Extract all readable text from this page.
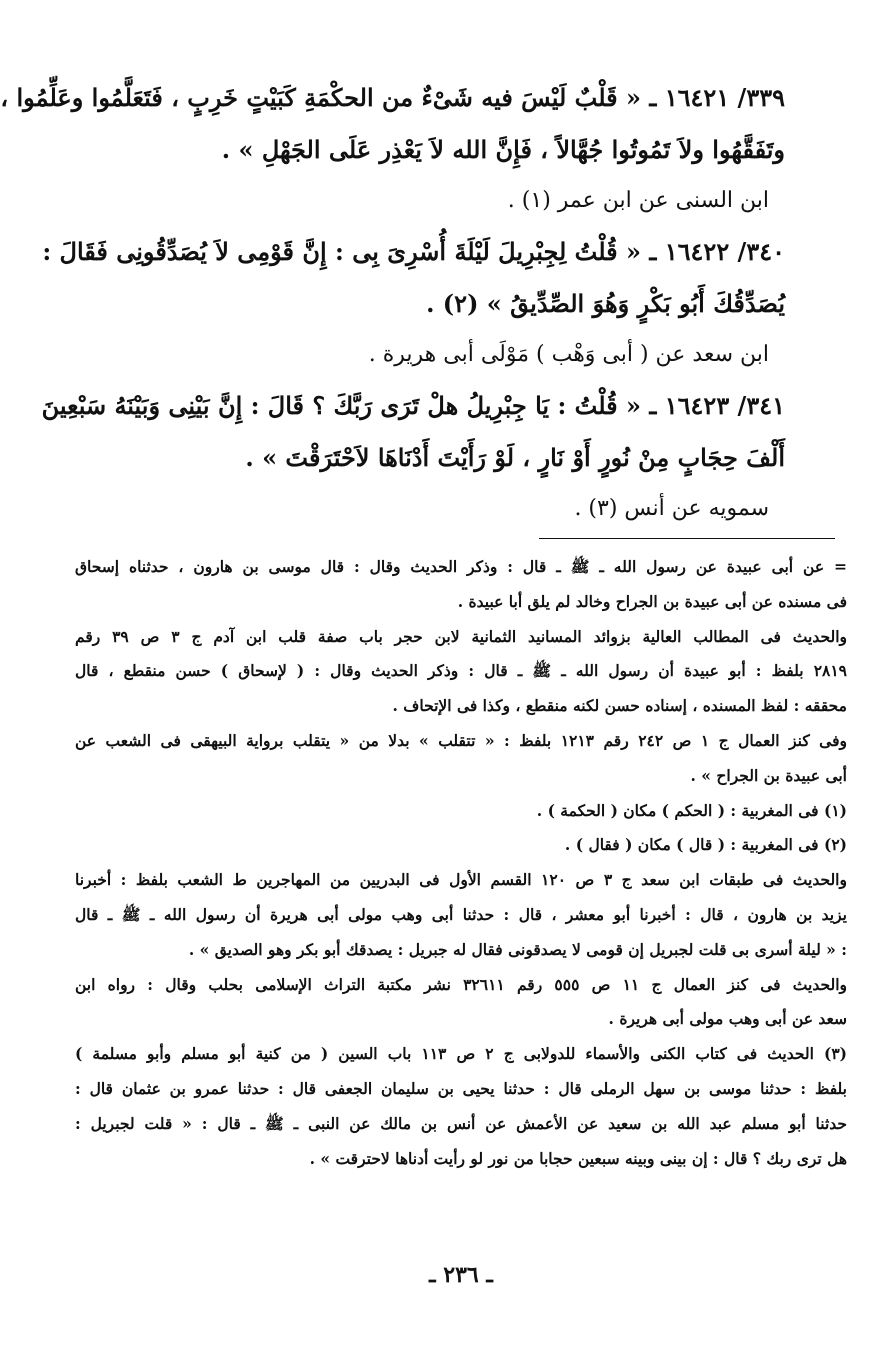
٣٣٩/ ١٦٤٢١ ـ « قَلْبٌ لَيْسَ فيه شَىْءٌ من الحكْمَةِ كَبَيْتٍ خَرِبٍ ، فَتَعَلَّمُوا وعَلِّمُوا ،
وتَفَقَّهُوا ولاَ تَمُوتُوا جُهَّالاً ، فَإِنَّ الله لاَ يَعْذِر عَلَى الجَهْلِ » .
ابن السنى عن ابن عمر (١) .
٣٤٠/ ١٦٤٢٢ ـ « قُلْتُ لِجِبْرِيلَ لَيْلَةَ أُسْرِىَ بِى : إِنَّ قَوْمِى لاَ يُصَدِّقُونِى فَقَالَ :
يُصَدِّقُكَ أَبُو بَكْرٍ وَهُوَ الصِّدِّيقُ » (٢) .
ابن سعد عن ( أبى وَهْب ) مَوْلَى أبى هريرة .
٣٤١/ ١٦٤٢٣ ـ « قُلْتُ : يَا جِبْرِيلُ هلْ تَرَى رَبَّكَ ؟ قَالَ : إِنَّ بَيْنِى وَبَيْنَهُ سَبْعِينَ
أَلْفَ حِجَابٍ مِنْ نُورٍ أَوْ نَارٍ ، لَوْ رَأَيْتَ أَدْنَاهَا لاَحْتَرَقْتَ » .
سمويه عن أنس (٣) .
= عن أبى عبيدة عن رسول الله ـ ﷺ ـ قال : وذكر الحديث وقال : قال موسى بن هارون ، حدثناه إسحاق
فى مسنده عن أبى عبيدة بن الجراح وخالد لم يلق أبا عبيدة .
والحديث فى المطالب العالية بزوائد المسانيد الثمانية لابن حجر باب صفة قلب ابن آدم ج ٣ ص ٣٩ رقم
٢٨١٩ بلفظ : أبو عبيدة أن رسول الله ـ ﷺ ـ قال : وذكر الحديث وقال : ( لإسحاق ) حسن منقطع ، قال
محققه : لفظ المسنده ، إسناده حسن لكنه منقطع ، وكذا فى الإتحاف .
وفى كنز العمال ج ١ ص ٢٤٢ رقم ١٢١٣ بلفظ : « تتقلب » بدلا من « يتقلب برواية البيهقى فى الشعب عن
أبى عبيدة بن الجراح » .
(١) فى المغربية : ( الحكم ) مكان ( الحكمة ) .
(٢) فى المغربية : ( قال ) مكان ( فقال ) .
والحديث فى طبقات ابن سعد ج ٣ ص ١٢٠ القسم الأول فى البدريين من المهاجرين ط الشعب بلفظ : أخبرنا
يزيد بن هارون ، قال : أخبرنا أبو معشر ، قال : حدثنا أبى وهب مولى أبى هريرة أن رسول الله ـ ﷺ ـ قال
: « ليلة أسرى بى قلت لجبريل إن قومى لا يصدقونى فقال له جبريل : يصدقك أبو بكر وهو الصديق » .
والحديث فى كنز العمال ج ١١ ص ٥٥٥ رقم ٣٢٦١١ نشر مكتبة التراث الإسلامى بحلب وقال : رواه ابن
سعد عن أبى وهب مولى أبى هريرة .
(٣) الحديث فى كتاب الكنى والأسماء للدولابى ج ٢ ص ١١٣ باب السين ( من كنية أبو مسلم وأبو مسلمة )
بلفظ : حدثنا موسى بن سهل الرملى قال : حدثنا يحيى بن سليمان الجعفى قال : حدثنا عمرو بن عثمان قال :
حدثنا أبو مسلم عبد الله بن سعيد عن الأعمش عن أنس بن مالك عن النبى ـ ﷺ ـ قال : « قلت لجبريل :
هل ترى ربك ؟ قال : إن بينى وبينه سبعين حجابا من نور لو رأيت أدناها لاحترقت » .
ـ ٢٣٦ ـ
